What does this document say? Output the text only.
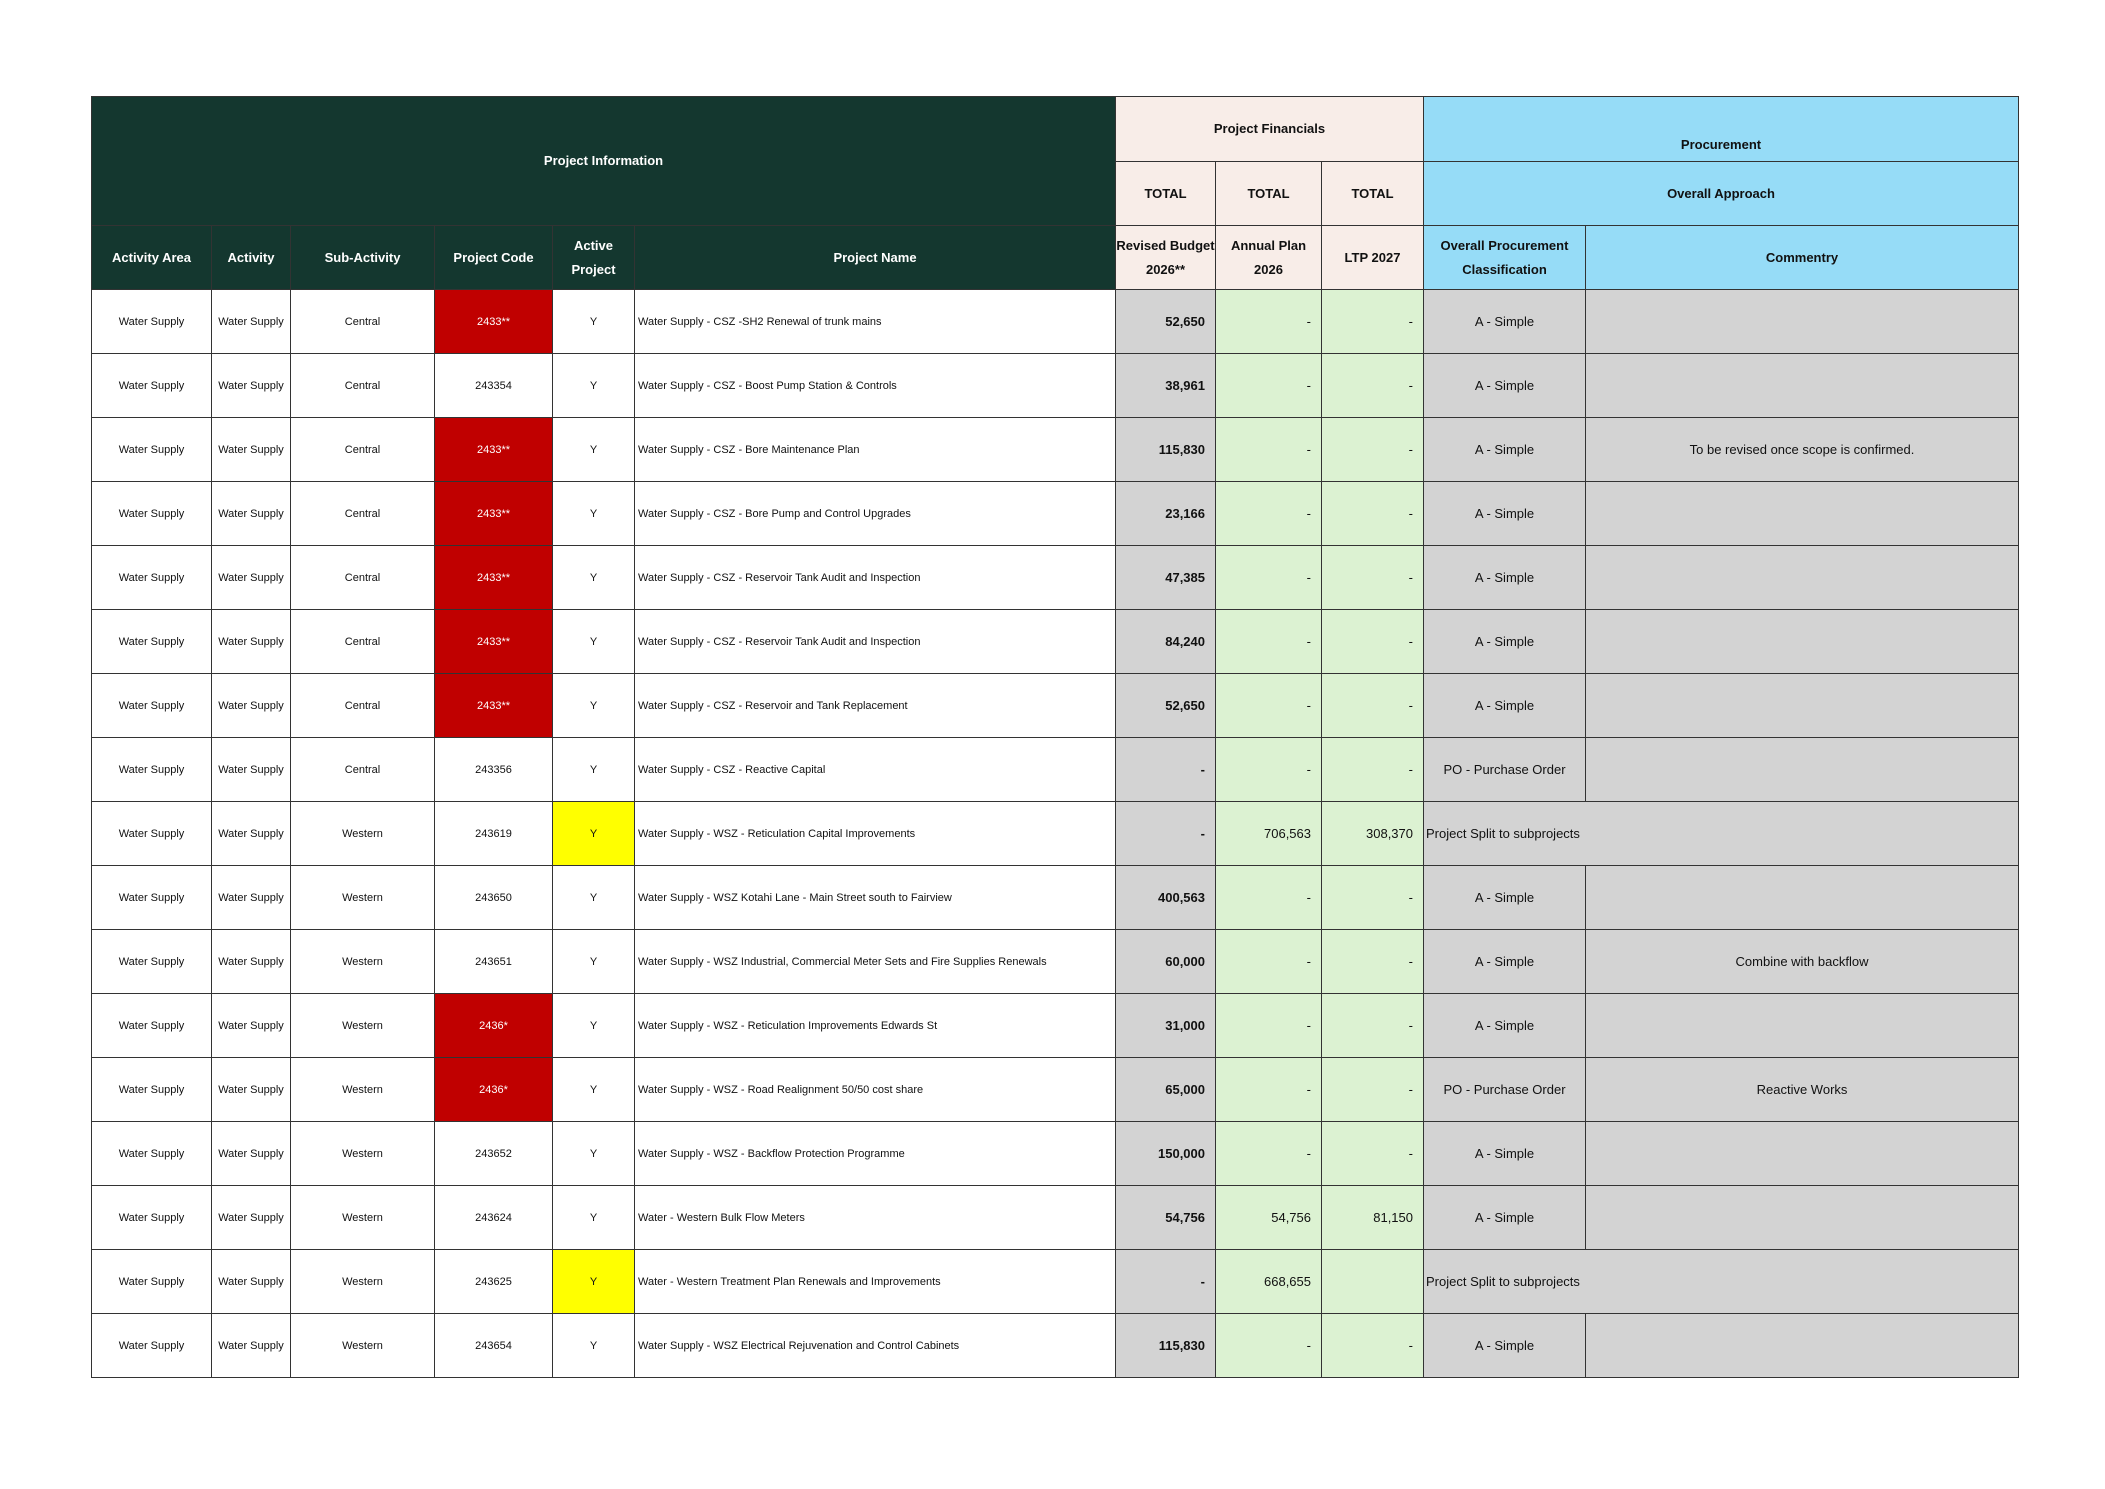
Project Information						Project Financials			Procurement	
						TOTAL	TOTAL	TOTAL	Overall Approach	
Activity Area	Activity	Sub-Activity	Project Code	Active Project	Project Name	Revised Budget 2026**	Annual Plan 2026	LTP 2027	Overall Procurement Classification	Commentry
Water Supply	Water Supply	Central	2433**	Y	Water Supply - CSZ -SH2 Renewal of trunk mains	52,650	-	-	A - Simple	
Water Supply	Water Supply	Central	243354	Y	Water Supply - CSZ - Boost Pump Station & Controls	38,961	-	-	A - Simple	
Water Supply	Water Supply	Central	2433**	Y	Water Supply - CSZ - Bore Maintenance Plan	115,830	-	-	A - Simple	To be revised once scope is confirmed.
Water Supply	Water Supply	Central	2433**	Y	Water Supply - CSZ - Bore Pump and Control Upgrades	23,166	-	-	A - Simple	
Water Supply	Water Supply	Central	2433**	Y	Water Supply - CSZ - Reservoir Tank Audit and Inspection	47,385	-	-	A - Simple	
Water Supply	Water Supply	Central	2433**	Y	Water Supply - CSZ - Reservoir Tank Audit and Inspection	84,240	-	-	A - Simple	
Water Supply	Water Supply	Central	2433**	Y	Water Supply - CSZ - Reservoir and Tank Replacement	52,650	-	-	A - Simple	
Water Supply	Water Supply	Central	243356	Y	Water Supply - CSZ - Reactive Capital	-	-	-	PO - Purchase Order	
Water Supply	Water Supply	Western	243619	Y	Water Supply - WSZ - Reticulation Capital Improvements	-	706,563	308,370	Project Split to subprojects	
Water Supply	Water Supply	Western	243650	Y	Water Supply - WSZ Kotahi Lane - Main Street south to Fairview	400,563	-	-	A - Simple	
Water Supply	Water Supply	Western	243651	Y	Water Supply - WSZ Industrial, Commercial Meter Sets and Fire Supplies Renewals	60,000	-	-	A - Simple	Combine with backflow
Water Supply	Water Supply	Western	2436*	Y	Water Supply - WSZ - Reticulation Improvements Edwards St	31,000	-	-	A - Simple	
Water Supply	Water Supply	Western	2436*	Y	Water Supply - WSZ - Road Realignment 50/50 cost share	65,000	-	-	PO - Purchase Order	Reactive Works
Water Supply	Water Supply	Western	243652	Y	Water Supply - WSZ - Backflow Protection Programme	150,000	-	-	A - Simple	
Water Supply	Water Supply	Western	243624	Y	Water - Western Bulk Flow Meters	54,756	54,756	81,150	A - Simple	
Water Supply	Water Supply	Western	243625	Y	Water - Western Treatment Plan Renewals and Improvements	-	668,655		Project Split to subprojects	
Water Supply	Water Supply	Western	243654	Y	Water Supply - WSZ Electrical Rejuvenation and Control Cabinets	115,830	-	-	A - Simple	
